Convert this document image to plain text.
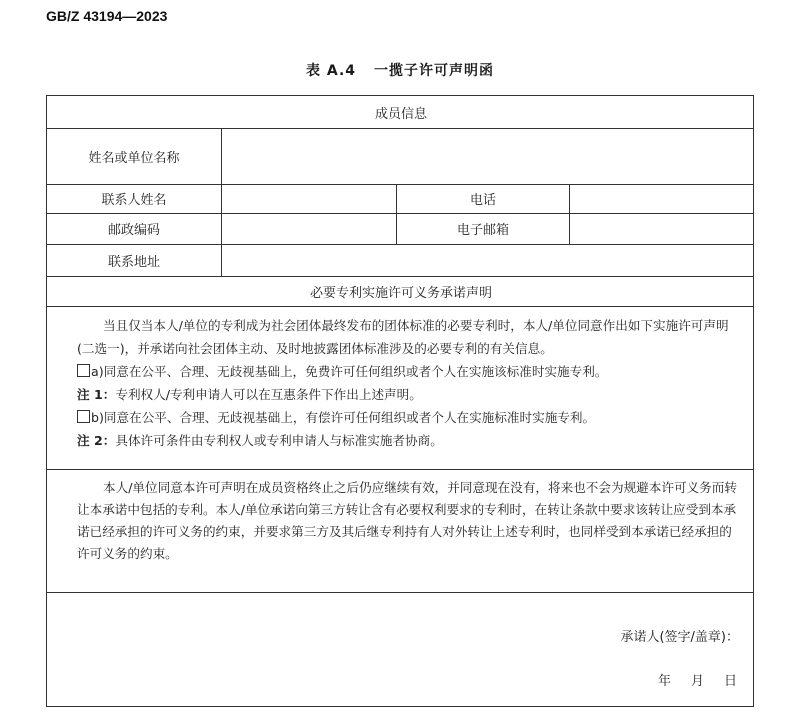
GB/Z 43194—2023
表 A.4 一揽子许可声明函
成员信息
姓名或单位名称
联系人姓名	电话
邮政编码	电子邮箱
联系地址
必要专利实施许可义务承诺声明

当且仅当本人/单位的专利成为社会团体最终发布的团体标准的必要专利时，本人/单位同意作出如下实施许可声明(二选一)，并承诺向社会团体主动、及时地披露团体标准涉及的必要专利的有关信息。

a)同意在公平、合理、无歧视基础上，免费许可任何组织或者个人在实施该标准时实施专利。

注 1：专利权人/专利申请人可以在互惠条件下作出上述声明。

b)同意在公平、合理、无歧视基础上，有偿许可任何组织或者个人在实施标准时实施专利。

注 2：具体许可条件由专利权人或专利申请人与标准实施者协商。

本人/单位同意本许可声明在成员资格终止之后仍应继续有效，并同意现在没有，将来也不会为规避本许可义务而转让本承诺中包括的专利。本人/单位承诺向第三方转让含有必要权利要求的专利时，在转让条款中要求该转让应受到本承诺已经承担的许可义务的约束，并要求第三方及其后继专利持有人对外转让上述专利时，也同样受到本承诺已经承担的许可义务的约束。
承诺人(签字/盖章)：
年 月 日
